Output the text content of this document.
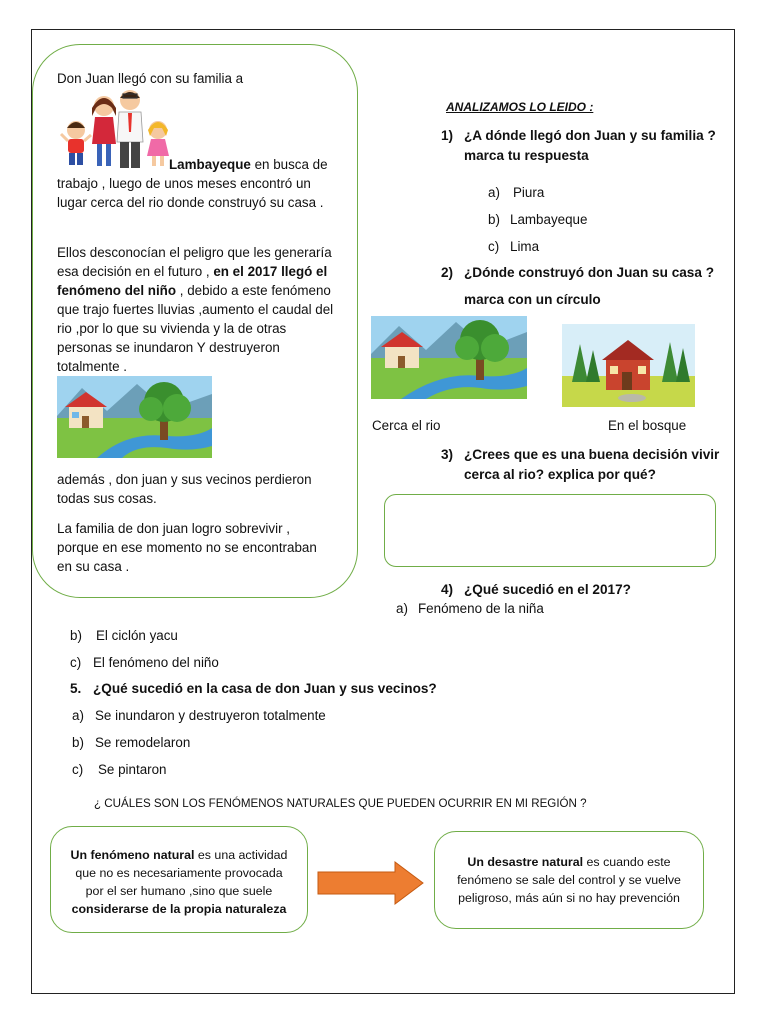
Don Juan llegó con su familia a
Lambayeque en busca de trabajo , luego de unos meses encontró un lugar cerca del rio donde construyó su casa .
Ellos desconocían el peligro que les generaría esa decisión en el futuro , en el 2017 llegó el fenómeno del niño , debido a este fenómeno que trajo fuertes lluvias ,aumento el caudal del rio ,por lo que su vivienda y la de otras personas se inundaron Y destruyeron totalmente .
además , don juan y sus vecinos perdieron todas sus cosas.
La familia de don juan logro sobrevivir , porque en ese momento no se encontraban en su casa .
ANALIZAMOS LO LEIDO :
1) ¿A dónde llegó don Juan y su familia ? marca tu respuesta
a) Piura
b) Lambayeque
c) Lima
2) ¿Dónde construyó don Juan su casa ?
marca con un círculo
Cerca el rio	En el bosque
3) ¿Crees que es una buena decisión vivir cerca al rio? explica por qué?
4) ¿Qué sucedió en el 2017?
a) Fenómeno de la niña
b) El ciclón yacu
c) El fenómeno del niño
5. ¿Qué sucedió en la casa de don Juan y sus vecinos?
a) Se inundaron y destruyeron totalmente
b) Se remodelaron
c) Se pintaron
¿ CUÁLES SON LOS FENÓMENOS NATURALES QUE PUEDEN OCURRIR EN MI REGIÓN ?
Un fenómeno natural es una actividad que no es necesariamente provocada por el ser humano ,sino que suele considerarse de la propia naturaleza
Un desastre natural es cuando este fenómeno se sale del control y se vuelve peligroso, más aún si no hay prevención
